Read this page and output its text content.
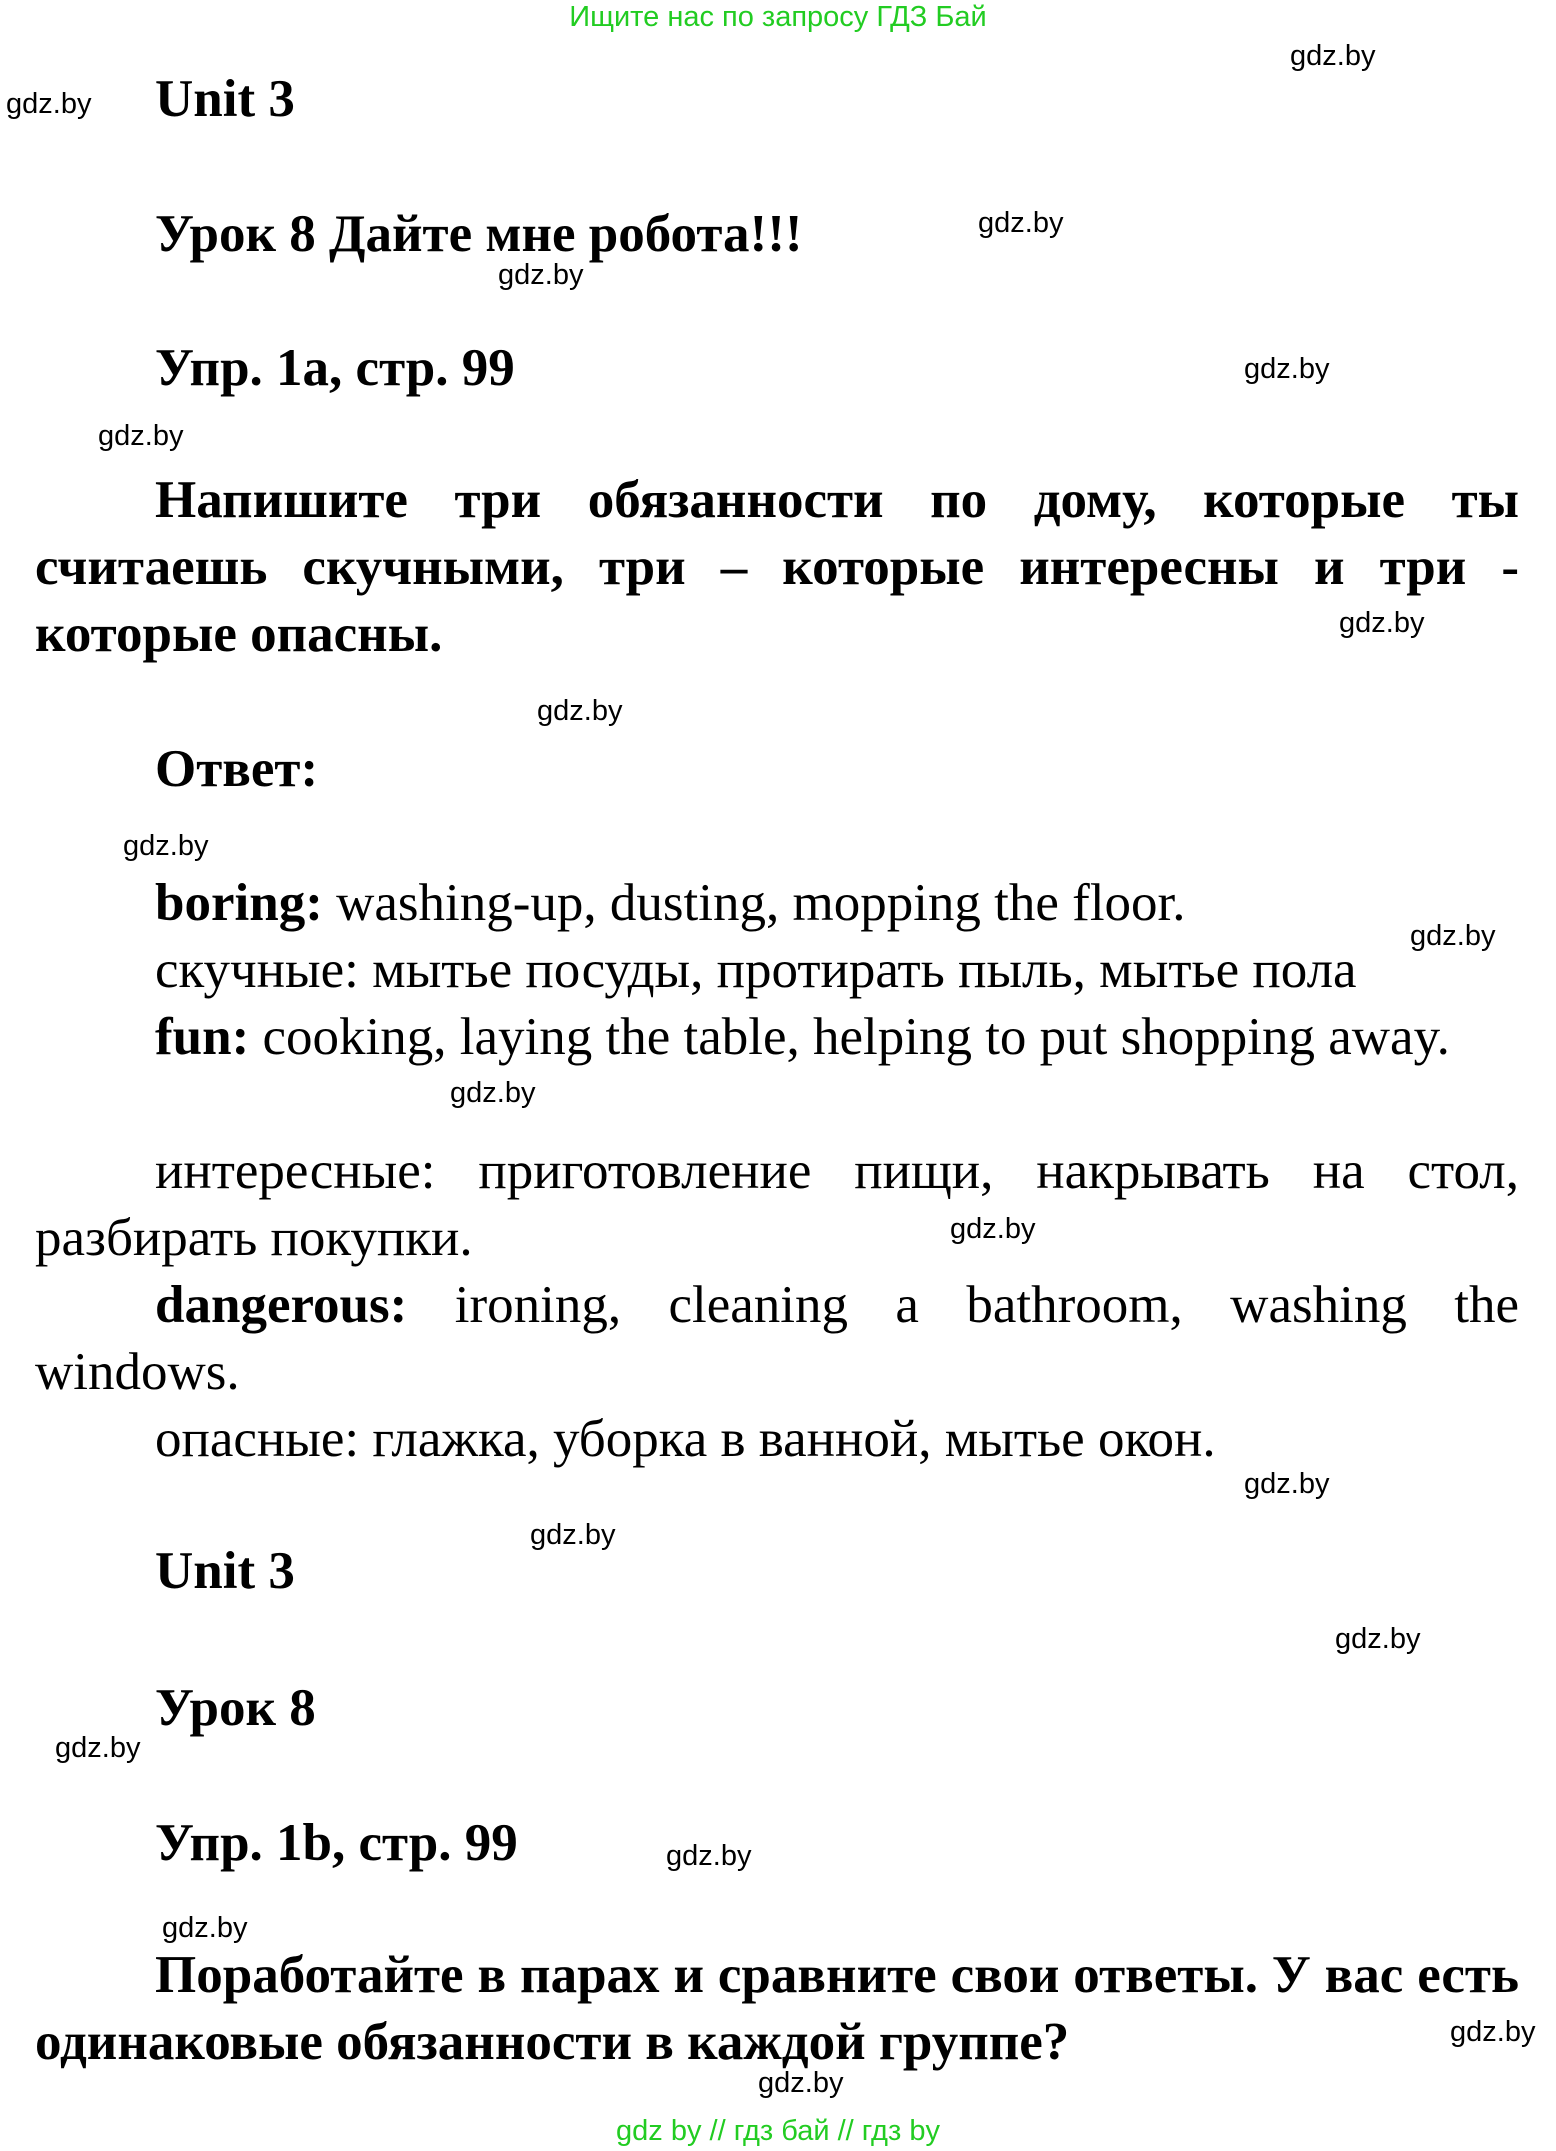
Ищите нас по запросу ГДЗ Бай
Unit 3
Урок 8 Дайте мне робота!!!
Упр. 1a, стр. 99
Напишите три обязанности по дому, которые ты считаешь скучными, три – которые интересны и три - которые опасны.
Ответ:
boring: washing-up, dusting, mopping the floor.
скучные: мытье посуды, протирать пыль, мытье пола
fun: cooking, laying the table, helping to put shopping away.
интересные: приготовление пищи, накрывать на стол, разбирать покупки.
dangerous: ironing, cleaning a bathroom, washing the windows.
опасные: глажка, уборка в ванной, мытье окон.
Unit 3
Урок 8
Упр. 1b, стр. 99
Поработайте в парах и сравните свои ответы. У вас есть одинаковые обязанности в каждой группе?
gdz.by
gdz.by
gdz.by
gdz.by
gdz.by
gdz.by
gdz.by
gdz.by
gdz.by
gdz.by
gdz.by
gdz.by
gdz.by
gdz.by
gdz.by
gdz.by
gdz.by
gdz.by
gdz.by
gdz.by
gdz by // гдз бай // гдз by
